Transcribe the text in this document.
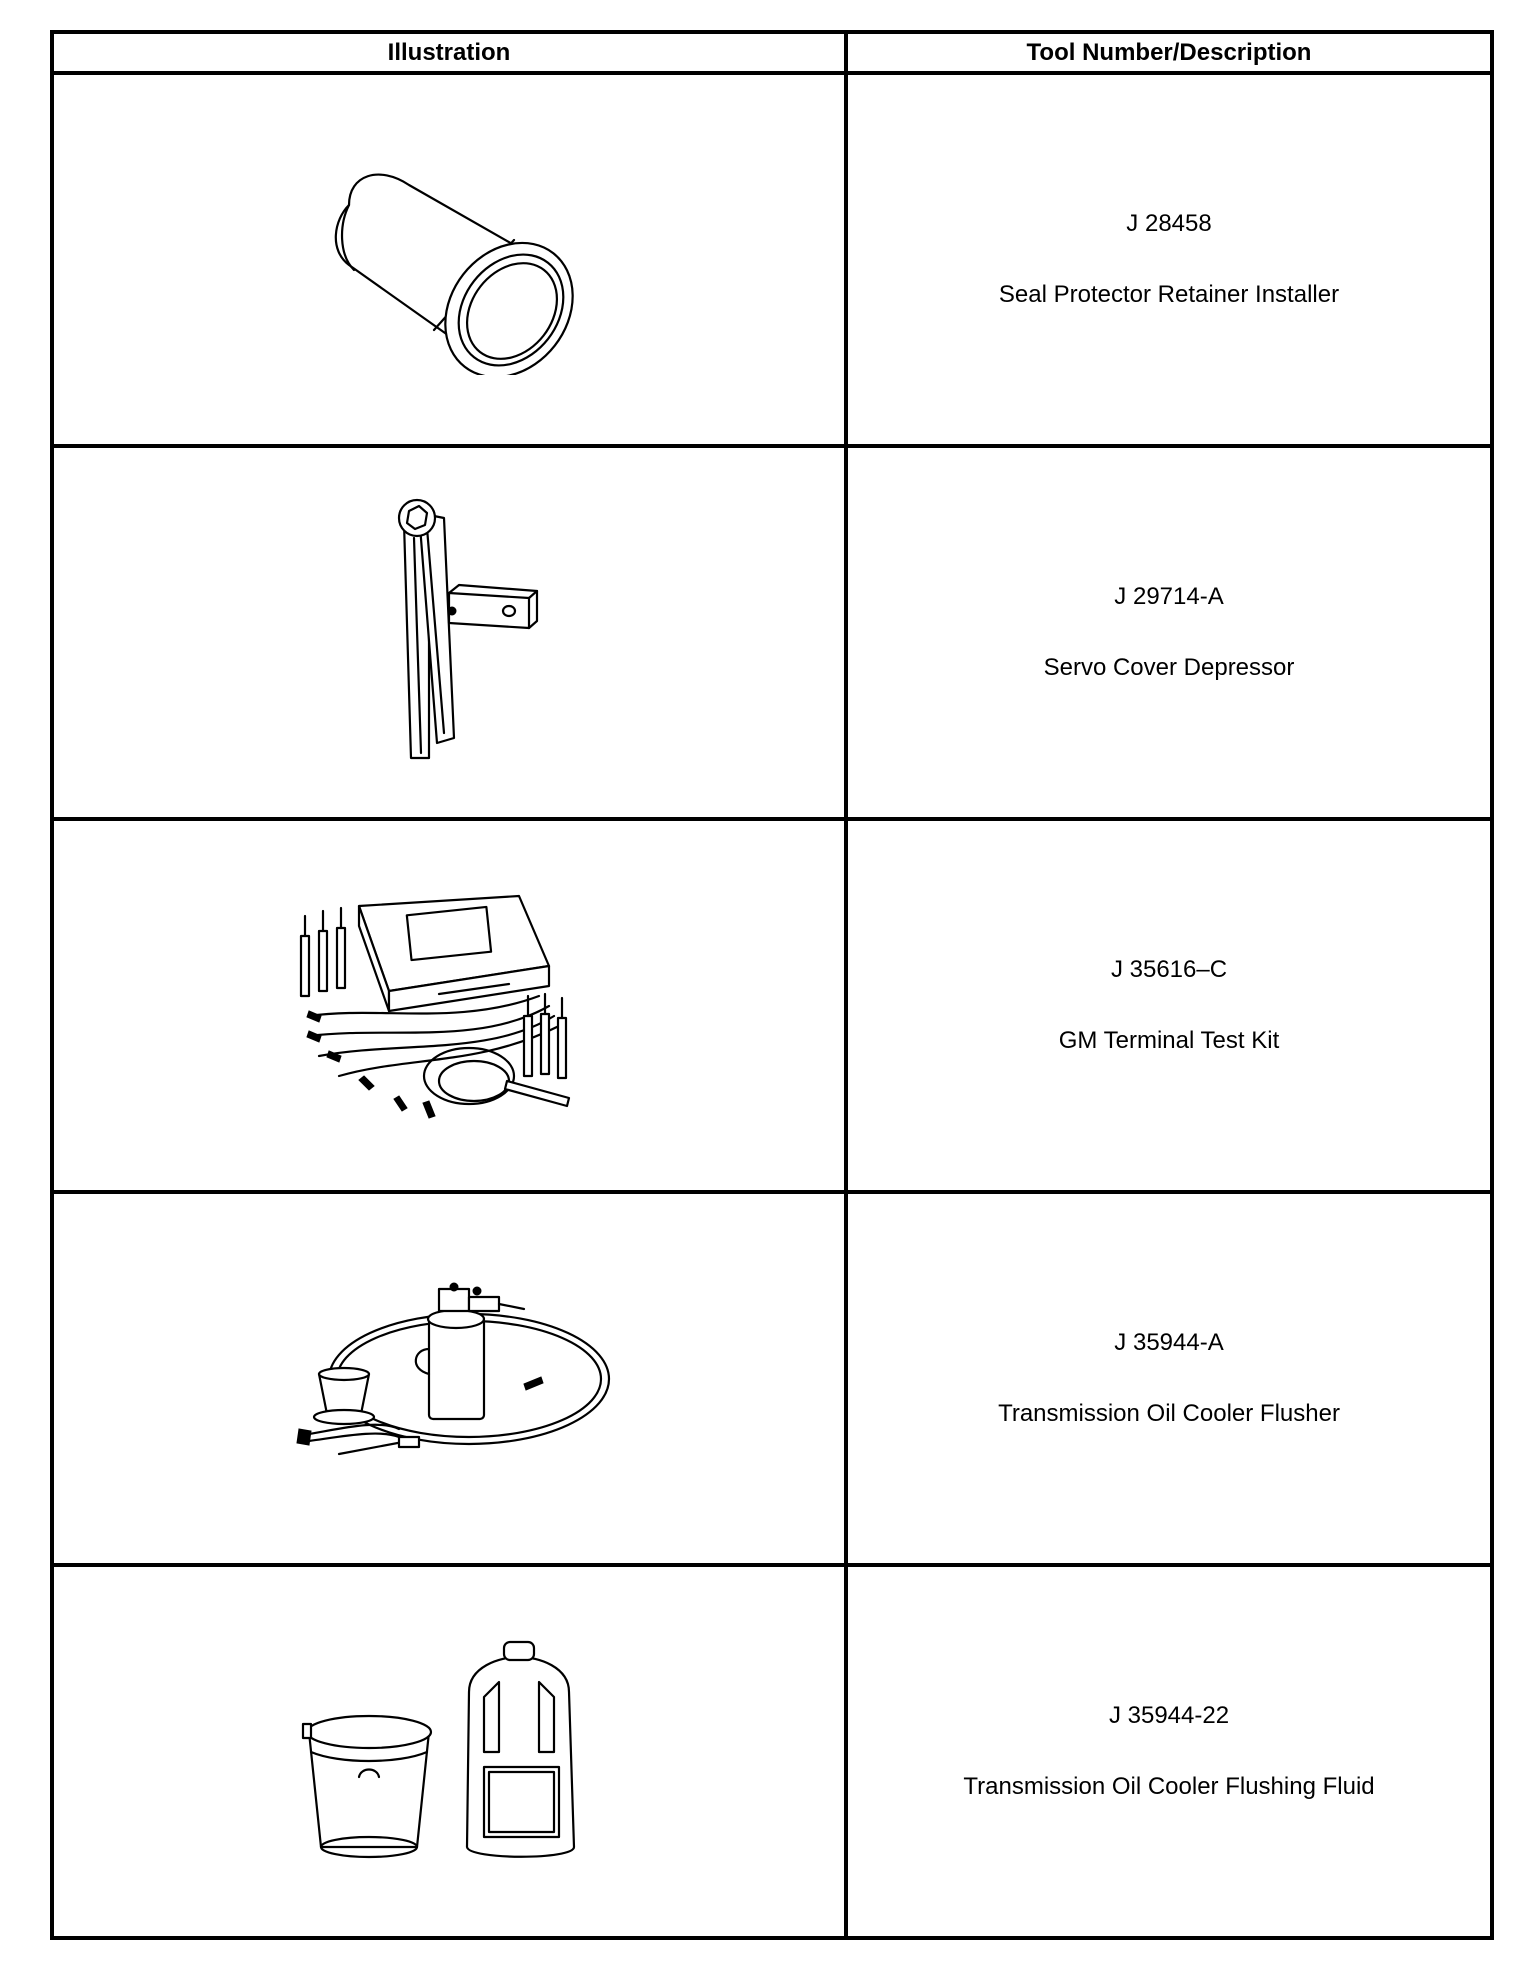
Illustration	Tool Number/Description

J 28458
Seal Protector Retainer Installer

J 29714-A
Servo Cover Depressor

J 35616–C
GM Terminal Test Kit

J 35944-A
Transmission Oil Cooler Flusher

J 35944-22
Transmission Oil Cooler Flushing Fluid
